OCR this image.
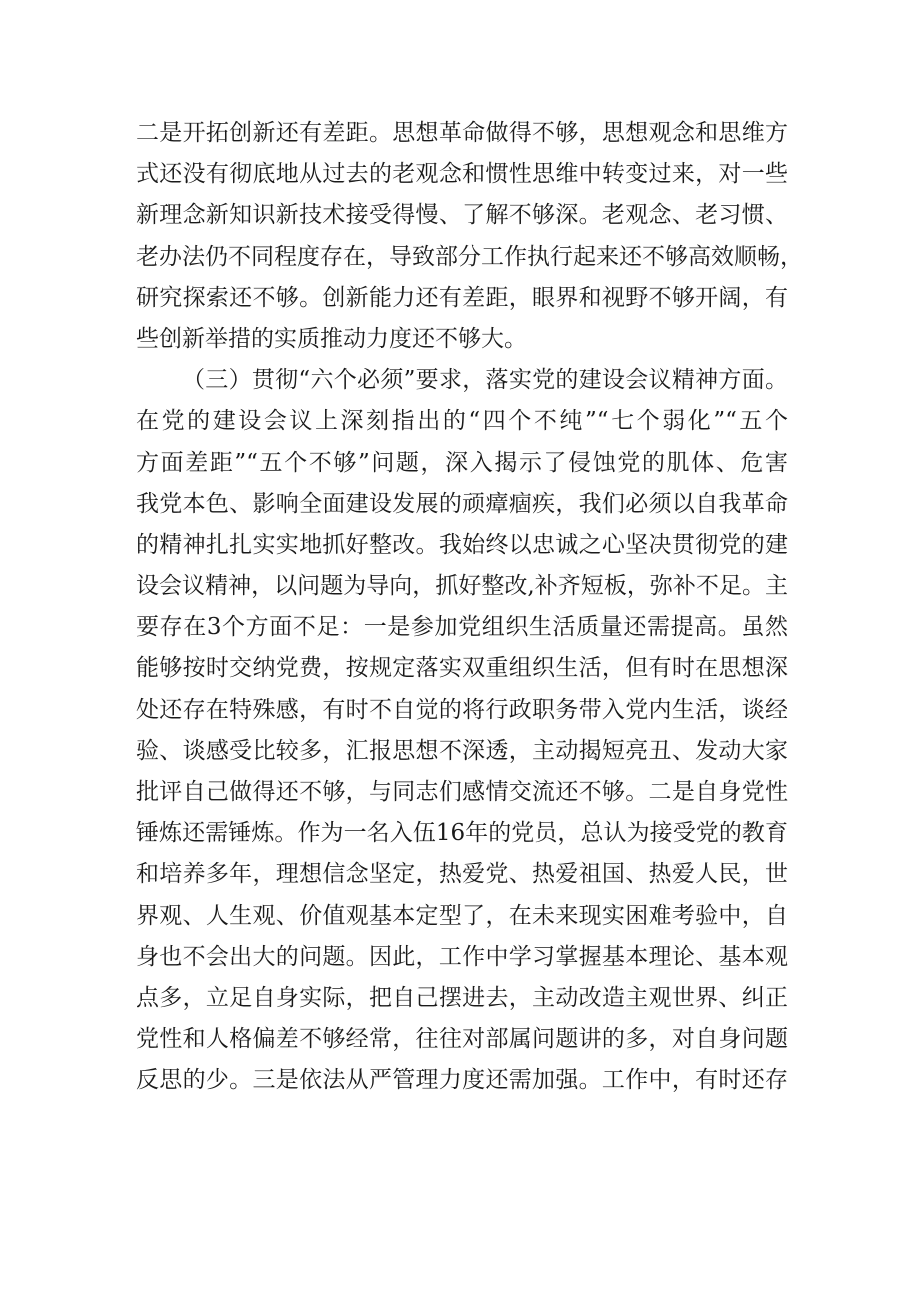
二是开拓创新还有差距。思想革命做得不够，思想观念和思维方
式还没有彻底地从过去的老观念和惯性思维中转变过来，对一些
新理念新知识新技术接受得慢、了解不够深。老观念、老习惯、
老办法仍不同程度存在，导致部分工作执行起来还不够高效顺畅，
研究探索还不够。创新能力还有差距，眼界和视野不够开阔，有
些创新举措的实质推动力度还不够大。
（三）贯彻“六个必须”要求，落实党的建设会议精神方面。
在党的建设会议上深刻指出的“四个不纯”“七个弱化”“五个
方面差距”“五个不够”问题，深入揭示了侵蚀党的肌体、危害
我党本色、影响全面建设发展的顽瘴痼疾，我们必须以自我革命
的精神扎扎实实地抓好整改。我始终以忠诚之心坚决贯彻党的建
设会议精神，以问题为导向，抓好整改,补齐短板，弥补不足。主
要存在3个方面不足：一是参加党组织生活质量还需提高。虽然
能够按时交纳党费，按规定落实双重组织生活，但有时在思想深
处还存在特殊感，有时不自觉的将行政职务带入党内生活，谈经
验、谈感受比较多，汇报思想不深透，主动揭短亮丑、发动大家
批评自己做得还不够，与同志们感情交流还不够。二是自身党性
锤炼还需锤炼。作为一名入伍16年的党员，总认为接受党的教育
和培养多年，理想信念坚定，热爱党、热爱祖国、热爱人民，世
界观、人生观、价值观基本定型了，在未来现实困难考验中，自
身也不会出大的问题。因此，工作中学习掌握基本理论、基本观
点多，立足自身实际，把自己摆进去，主动改造主观世界、纠正
党性和人格偏差不够经常，往往对部属问题讲的多，对自身问题
反思的少。三是依法从严管理力度还需加强。工作中，有时还存
